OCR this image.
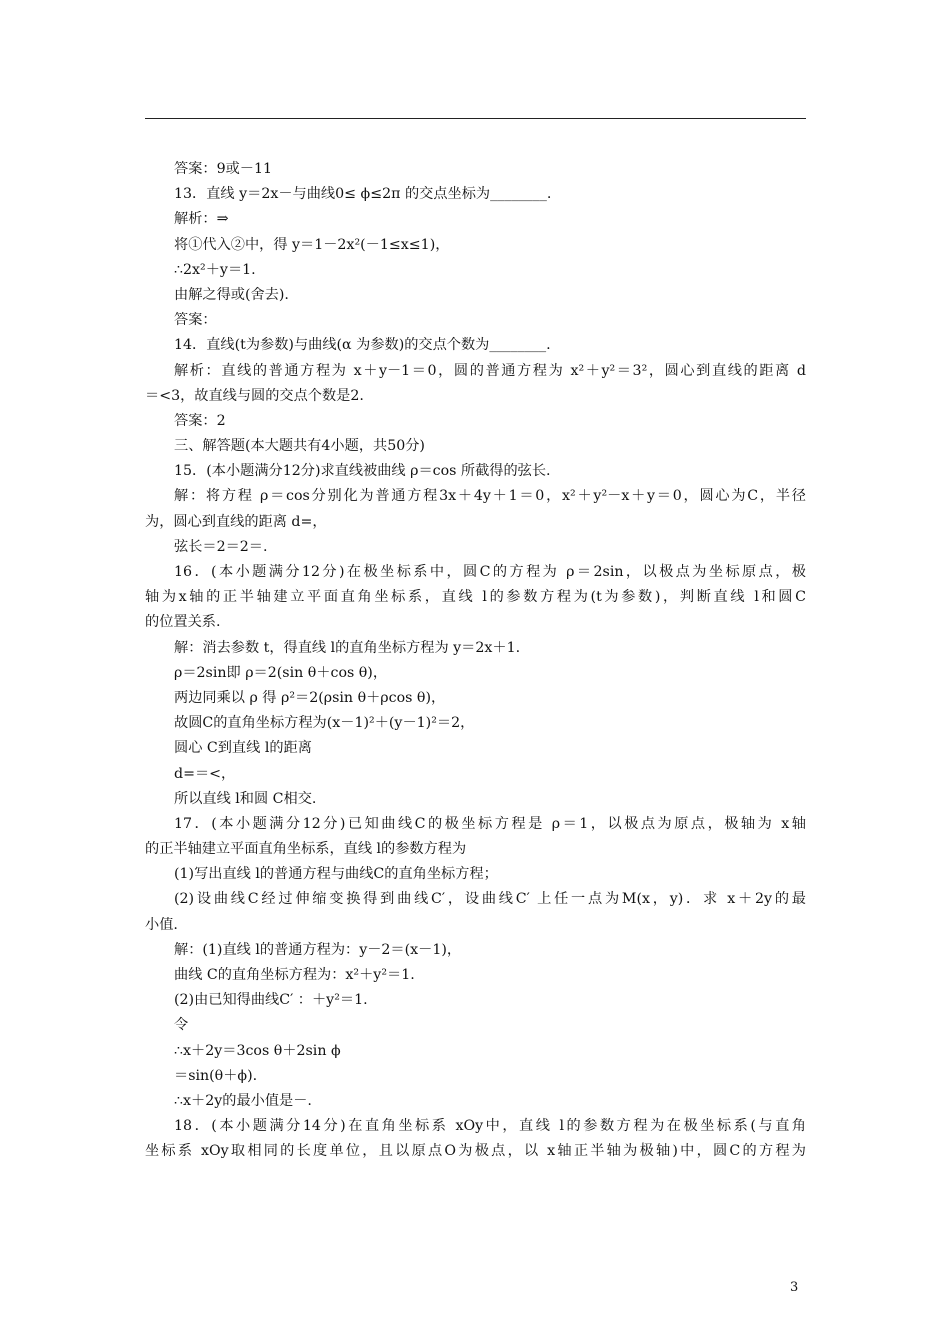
答案：9或－11
13．直线 y＝2x－与曲线0≤ ϕ≤2π 的交点坐标为________.
解析：⇒
将①代入②中，得 y＝1－2x²(－1≤x≤1)，
∴2x²＋y＝1.
由解之得或(舍去).
答案：
14．直线(t为参数)与曲线(α 为参数)的交点个数为________.
解析：直线的普通方程为 x＋y－1＝0，圆的普通方程为 x²＋y²＝3²，圆心到直线的距离 d
＝<3，故直线与圆的交点个数是2.
答案：2
三、解答题(本大题共有4小题，共50分)
15．(本小题满分12分)求直线被曲线 ρ＝cos 所截得的弦长.
解：将方程 ρ＝cos分别化为普通方程3x＋4y＋1＝0，x²＋y²－x＋y＝0，圆心为C，半径
为，圆心到直线的距离 d=，
弦长＝2＝2＝.
16．(本小题满分12分)在极坐标系中，圆C的方程为 ρ＝2sin，以极点为坐标原点，极
轴为x轴的正半轴建立平面直角坐标系，直线 l的参数方程为(t为参数)，判断直线 l和圆C
的位置关系.
解：消去参数 t，得直线 l的直角坐标方程为 y＝2x＋1.
ρ＝2sin即 ρ＝2(sin θ＋cos θ)，
两边同乘以 ρ 得 ρ²＝2(ρsin θ＋ρcos θ)，
故圆C的直角坐标方程为(x－1)²＋(y－1)²＝2，
圆心 C到直线 l的距离
d=＝<，
所以直线 l和圆 C相交.
17．(本小题满分12分)已知曲线C的极坐标方程是 ρ＝1，以极点为原点，极轴为 x轴
的正半轴建立平面直角坐标系，直线 l的参数方程为
(1)写出直线 l的普通方程与曲线C的直角坐标方程；
(2)设曲线C经过伸缩变换得到曲线C′，设曲线C′ 上任一点为M(x，y)．求 x＋2y的最
小值.
解：(1)直线 l的普通方程为：y－2＝(x－1)，
曲线 C的直角坐标方程为：x²＋y²＝1.
(2)由已知得曲线C′ ：＋y²＝1.
令
∴x＋2y＝3cos θ＋2sin ϕ
＝sin(θ＋ϕ).
∴x＋2y的最小值是－.
18．(本小题满分14分)在直角坐标系 xOy中，直线 l的参数方程为在极坐标系(与直角
坐标系 xOy取相同的长度单位，且以原点O为极点，以 x轴正半轴为极轴)中，圆C的方程为
3
